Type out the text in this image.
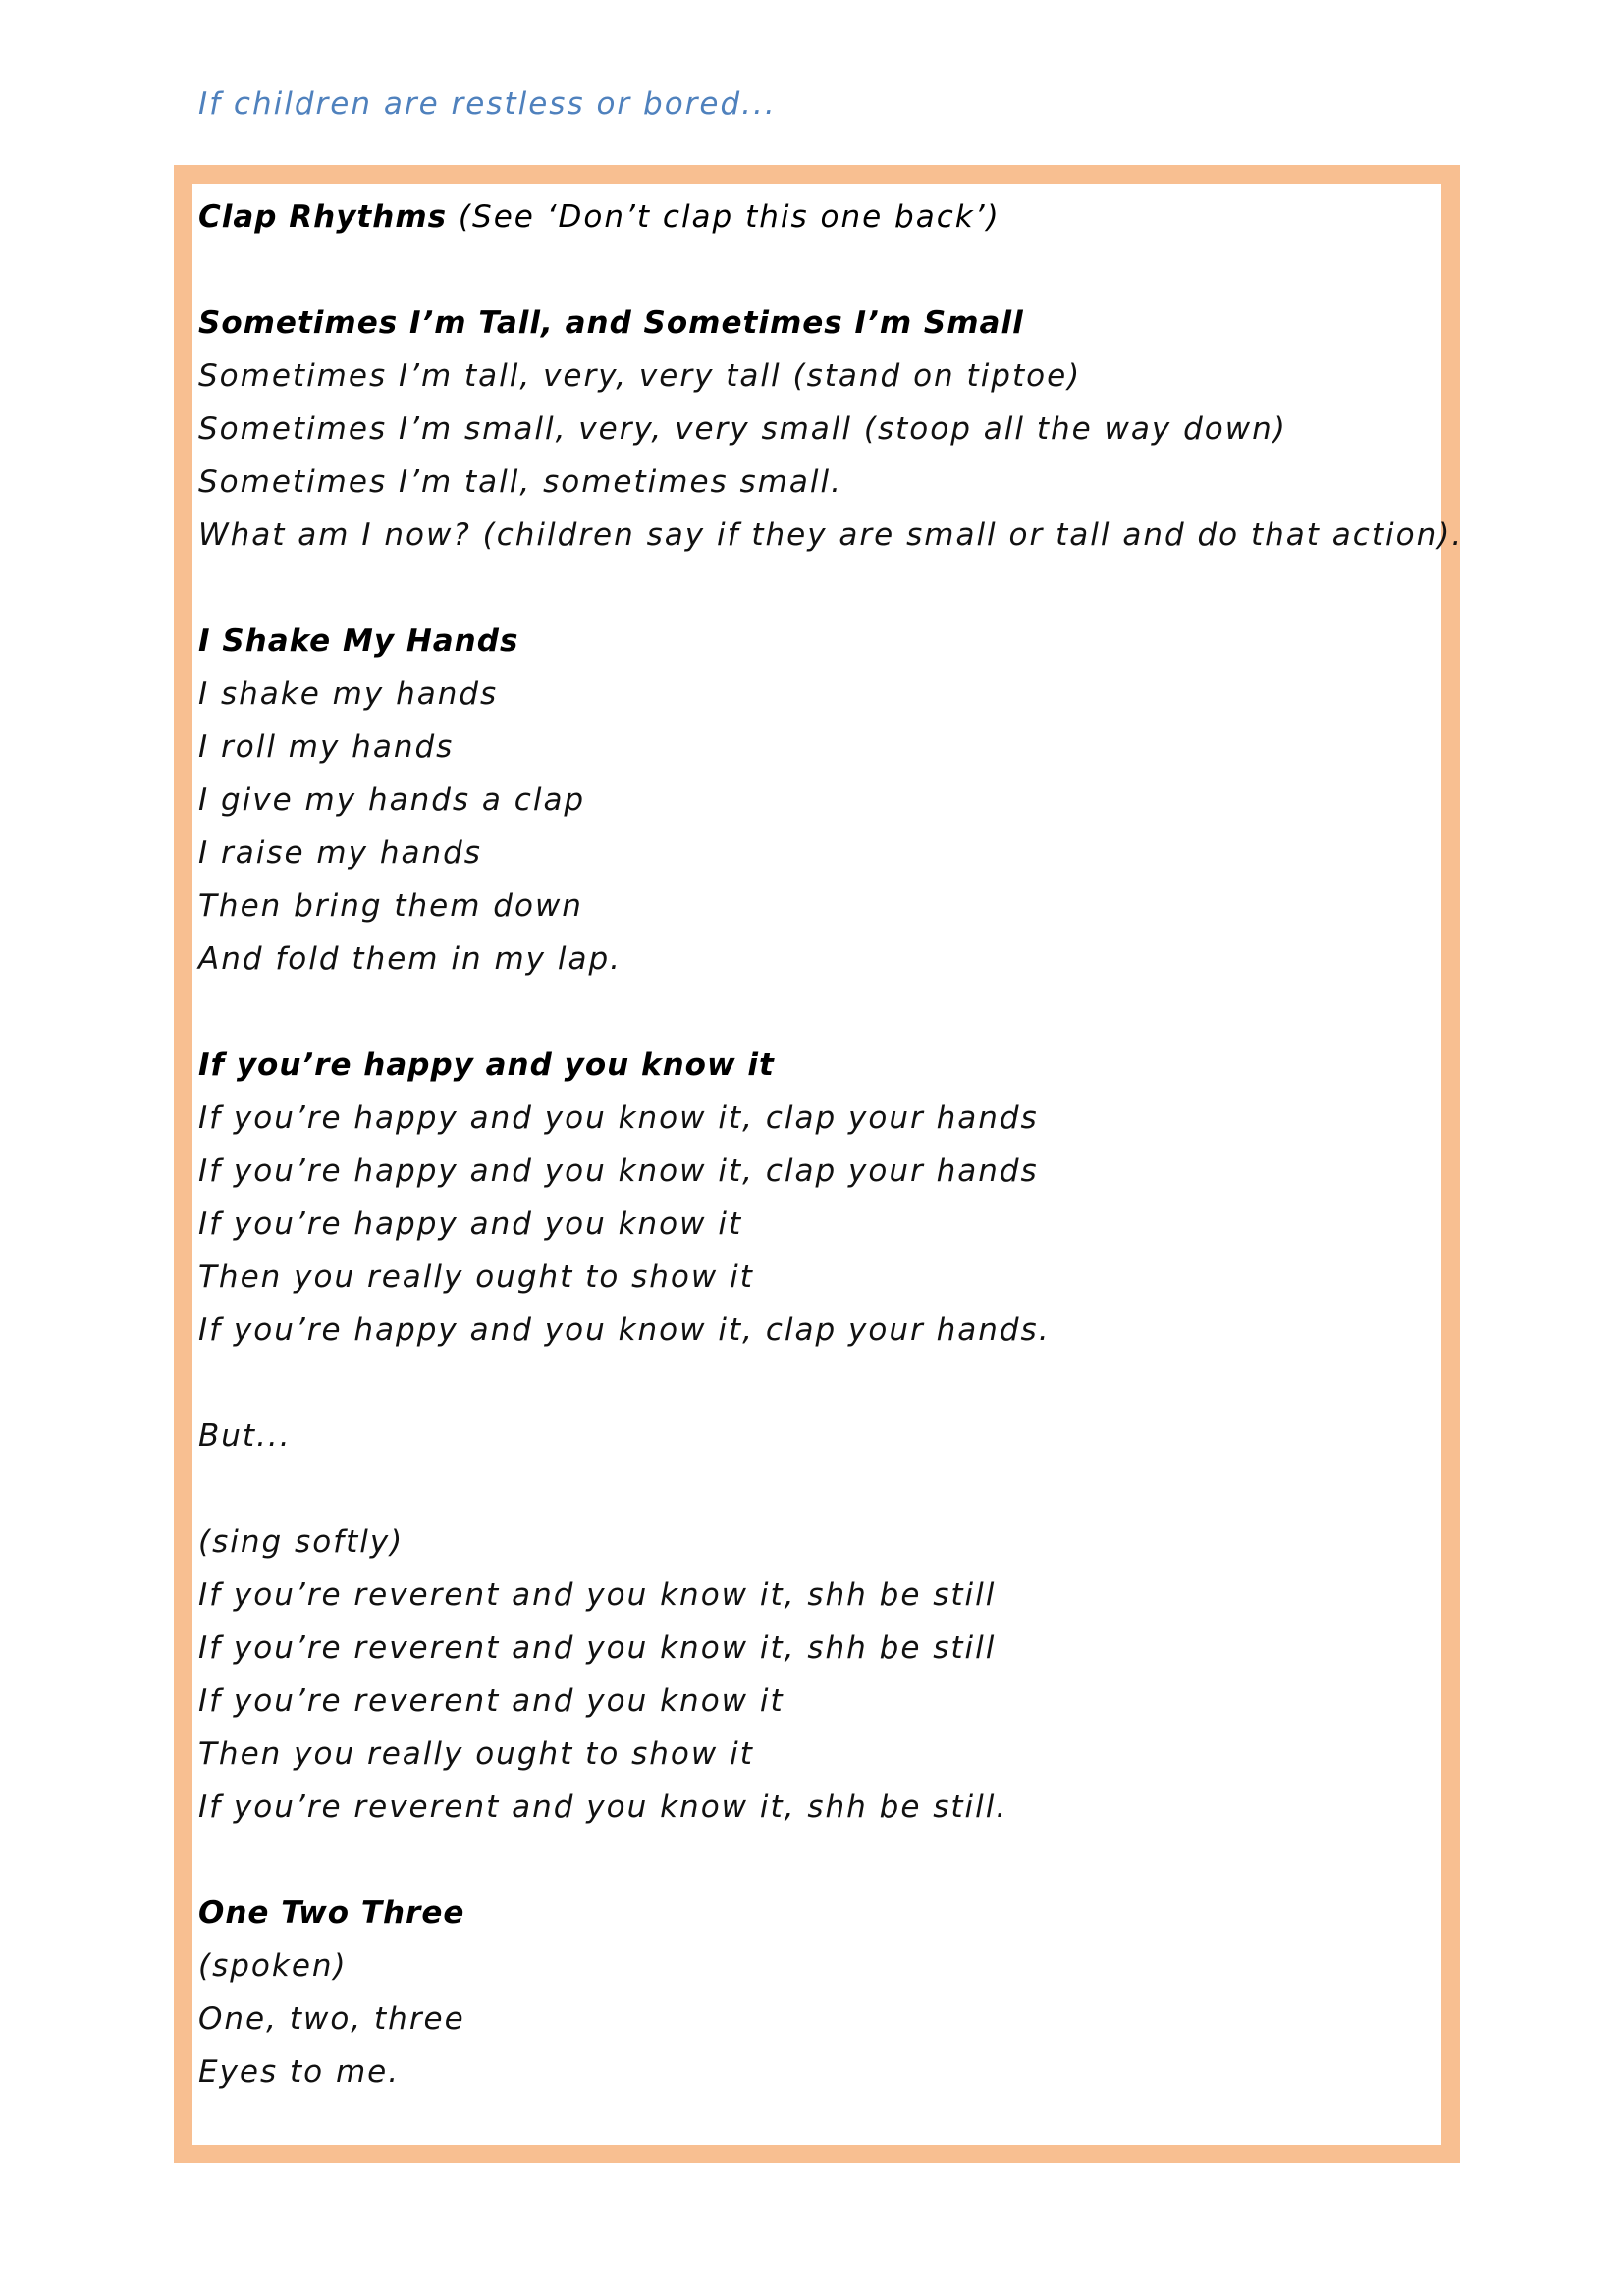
If children are restless or bored...
Clap Rhythms (See ‘Don’t clap this one back’)
Sometimes I’m Tall, and Sometimes I’m Small
Sometimes I’m tall, very, very tall (stand on tiptoe)
Sometimes I’m small, very, very small (stoop all the way down)
Sometimes I’m tall, sometimes small.
What am I now? (children say if they are small or tall and do that action).
I Shake My Hands
I shake my hands
I roll my hands
I give my hands a clap
I raise my hands
Then bring them down
And fold them in my lap.
If you’re happy and you know it
If you’re happy and you know it, clap your hands
If you’re happy and you know it, clap your hands
If you’re happy and you know it
Then you really ought to show it
If you’re happy and you know it, clap your hands.
But...
(sing softly)
If you’re reverent and you know it, shh be still
If you’re reverent and you know it, shh be still
If you’re reverent and you know it
Then you really ought to show it
If you’re reverent and you know it, shh be still.
One Two Three
(spoken)
One, two, three
Eyes to me.
